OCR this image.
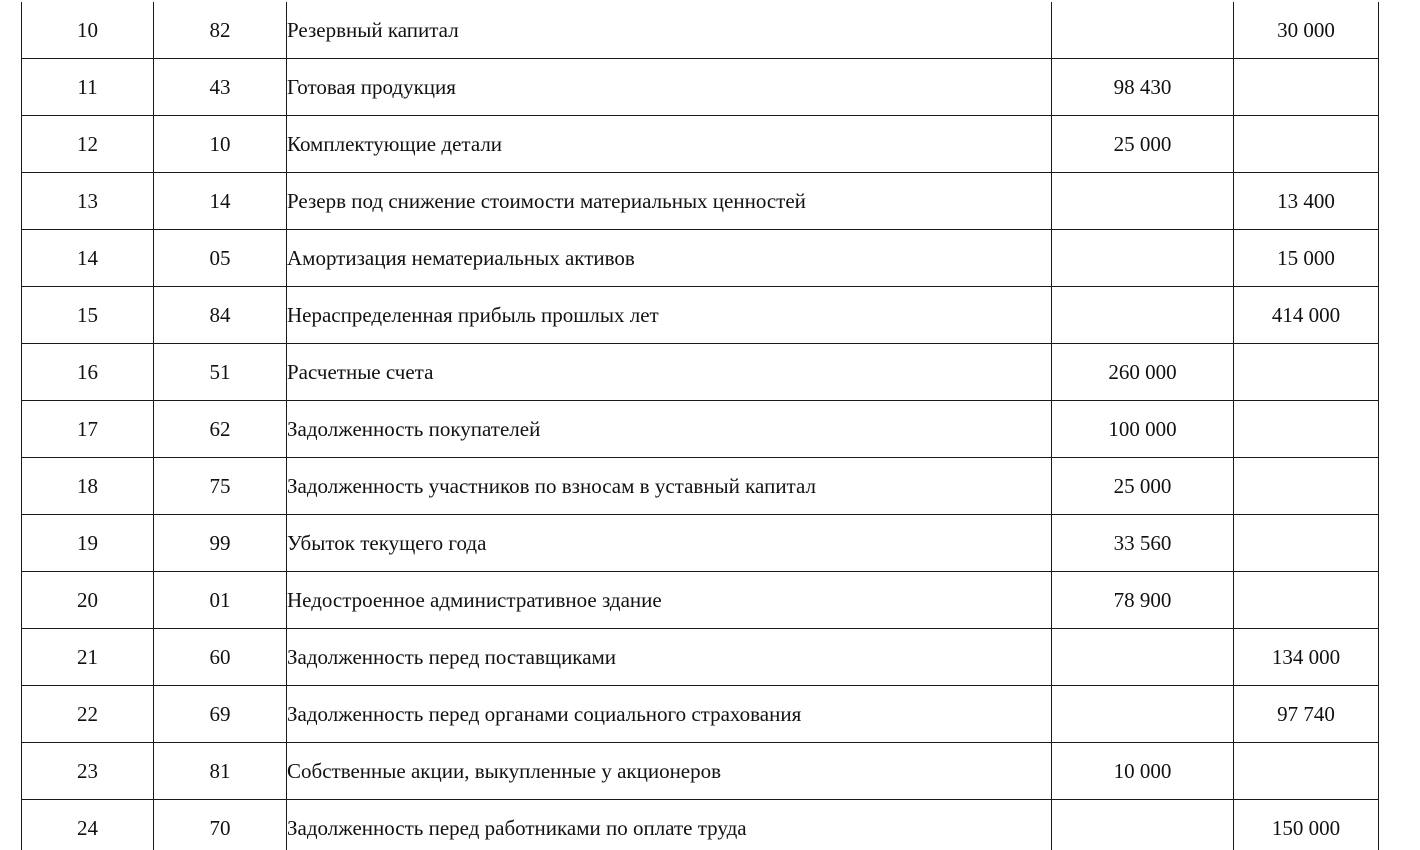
10	82	Резервный капитал		30 000
11	43	Готовая продукция	98 430	
12	10	Комплектующие детали	25 000	
13	14	Резерв под снижение стоимости материальных ценностей		13 400
14	05	Амортизация нематериальных активов		15 000
15	84	Нераспределенная прибыль прошлых лет		414 000
16	51	Расчетные счета	260 000	
17	62	Задолженность покупателей	100 000	
18	75	Задолженность участников по взносам в уставный капитал	25 000	
19	99	Убыток текущего года	33 560	
20	01	Недостроенное административное здание	78 900	
21	60	Задолженность перед поставщиками		134 000
22	69	Задолженность перед органами социального страхования		97 740
23	81	Собственные акции, выкупленные у акционеров	10 000	
24	70	Задолженность перед работниками по оплате труда		150 000
